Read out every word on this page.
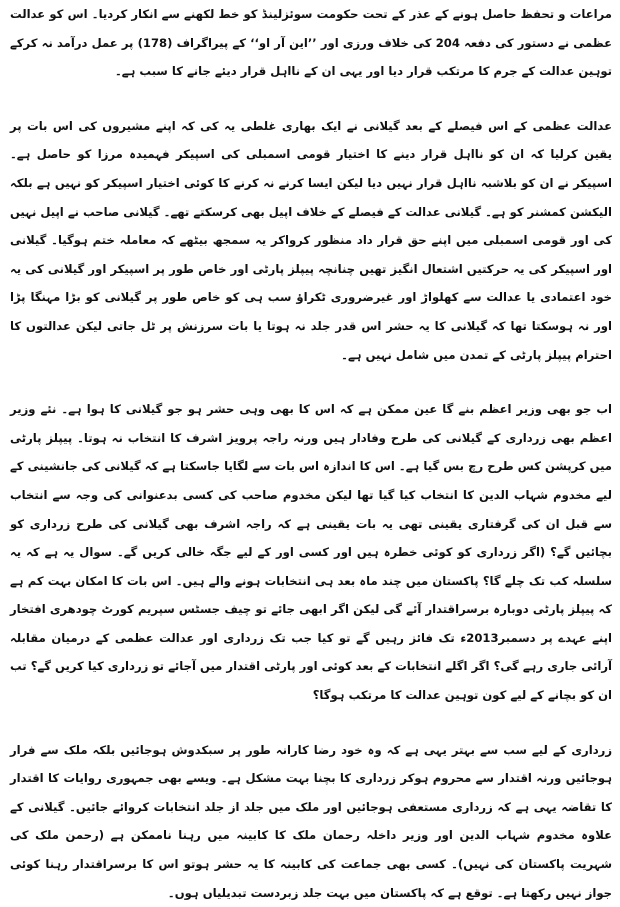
مراعات و تحفظ حاصل ہونے کے عذر کے تحت حکومت سوئزلینڈ کو خط لکھنے سے انکار کردیا۔ اس کو عدالت عظمی نے دستور کی دفعہ 204 کی خلاف ورزی اور ’’این آر او‘‘ کے پیراگراف (178) پر عمل درآمد نہ کرکے توہین عدالت کے جرم کا مرتکب قرار دیا اور یہی ان کے نااہل قرار دیئے جانے کا سبب ہے۔

عدالت عظمی کے اس فیصلے کے بعد گیلانی نے ایک بھاری غلطی یہ کی کہ اپنے مشیروں کی اس بات پر یقین کرلیا کہ ان کو نااہل قرار دینے کا اختیار قومی اسمبلی کی اسپیکر فہمیدہ مرزا کو حاصل ہے۔ اسپیکر نے ان کو بلاشبہ نااہل قرار نہیں دیا لیکن ایسا کرنے نہ کرنے کا کوئی اختیار اسپیکر کو نہیں ہے بلکہ الیکشن کمشنر کو ہے۔ گیلانی عدالت کے فیصلے کے خلاف اپیل بھی کرسکتے تھے۔ گیلانی صاحب نے اپیل نہیں کی اور قومی اسمبلی میں اپنے حق قرار داد منظور کرواکر یہ سمجھ بیٹھے کہ معاملہ ختم ہوگیا۔ گیلانی اور اسپیکر کی یہ حرکتیں اشتعال انگیز تھیں چنانچہ پیپلز پارٹی اور خاص طور پر اسپیکر اور گیلانی کی یہ خود اعتمادی یا عدالت سے کھلواڑ اور غیرضروری ٹکراؤ سب ہی کو خاص طور پر گیلانی کو بڑا مہنگا پڑا اور نہ ہوسکتا تھا کہ گیلانی کا یہ حشر اس قدر جلد نہ ہوتا یا بات سرزنش پر ٹل جاتی لیکن عدالتوں کا احترام پیپلز پارٹی کے تمدن میں شامل نہیں ہے۔

اب جو بھی وزیر اعظم بنے گا عین ممکن ہے کہ اس کا بھی وہی حشر ہو جو گیلانی کا ہوا ہے۔ نئے وزیر اعظم بھی زرداری کے گیلانی کی طرح وفادار ہیں ورنہ راجہ پرویز اشرف کا انتخاب نہ ہوتا۔ پیپلز پارٹی میں کرپشن کس طرح رچ بس گیا ہے۔ اس کا اندازہ اس بات سے لگایا جاسکتا ہے کہ گیلانی کی جانشینی کے لیے مخدوم شہاب الدین کا انتخاب کیا گیا تھا لیکن مخدوم صاحب کی کسی بدعنوانی کی وجہ سے انتخاب سے قبل ان کی گرفتاری یقینی تھی یہ بات یقینی ہے کہ راجہ اشرف بھی گیلانی کی طرح زرداری کو بچائیں گے؟ (اگر زرداری کو کوئی خطرہ ہیں اور کسی اور کے لیے جگہ خالی کریں گے۔ سوال یہ ہے کہ یہ سلسلہ کب تک چلے گا؟ پاکستان میں چند ماہ بعد ہی انتخابات ہونے والے ہیں۔ اس بات کا امکان بہت کم ہے کہ پیپلز پارٹی دوبارہ برسراقتدار آئے گی لیکن اگر ابھی جائے تو چیف جسٹس سپریم کورٹ چودھری افتخار اپنے عہدے پر دسمبر2013ء تک فائز رہیں گے تو کیا جب تک زرداری اور عدالت عظمی کے درمیان مقابلہ آرائی جاری رہے گی؟ اگر اگلے انتخابات کے بعد کوئی اور پارٹی اقتدار میں آجائے تو زرداری کیا کریں گے؟ تب ان کو بچانے کے لیے کون توہین عدالت کا مرتکب ہوگا؟

زرداری کے لیے سب سے بہتر یہی ہے کہ وہ خود رضا کارانہ طور پر سبکدوش ہوجائیں بلکہ ملک سے فرار ہوجائیں ورنہ اقتدار سے محروم ہوکر زرداری کا بچنا بہت مشکل ہے۔ ویسے بھی جمہوری روایات کا اقتدار کا تقاضہ یہی ہے کہ زرداری مستعفی ہوجائیں اور ملک میں جلد از جلد انتخابات کروائے جائیں۔ گیلانی کے علاوہ مخدوم شہاب الدین اور وزیر داخلہ رحمان ملک کا کابینہ میں رہنا ناممکن ہے (رحمن ملک کی شہریت پاکستان کی نہیں)۔ کسی بھی جماعت کی کابینہ کا یہ حشر ہوتو اس کا برسراقتدار رہنا کوئی جواز نہیں رکھتا ہے۔ توقع ہے کہ پاکستان میں بہت جلد زبردست تبدیلیاں ہوں۔
